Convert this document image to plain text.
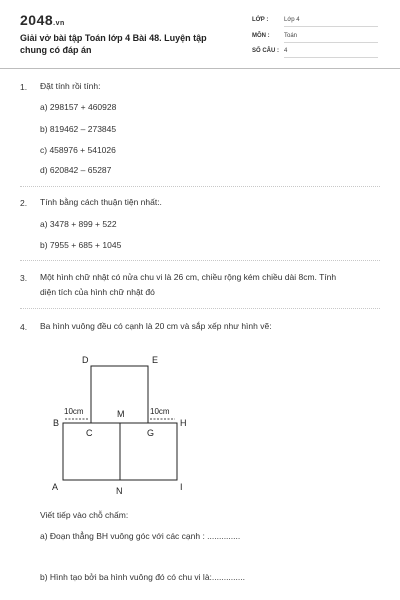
2048.vn
Giải vở bài tập Toán lớp 4 Bài 48. Luyện tập chung có đáp án
LỚP :	Lớp 4
MÔN : Toán
SỐ CÂU : 4
1. Đặt tính rồi tính:
a) 298157 + 460928
b) 819462 – 273845
c) 458976 + 541026
d) 620842 – 65287
2. Tính bằng cách thuận tiện nhất:.
a) 3478 + 899 + 522
b) 7955 + 685 + 1045
3. Một hình chữ nhật có nửa chu vi là 26 cm, chiều rộng kém chiều dài 8cm. Tính
diện tích của hình chữ nhật đó
4. Ba hình vuông đều có cạnh là 20 cm và sắp xếp như hình vẽ:
D	E
10cm	10cm
M
B	H
C	G
A	N	I
Viết tiếp vào chỗ chấm:
a) Đoạn thẳng BH vuông góc với các cạnh : ..............
b) Hình tạo bởi ba hình vuông đó có chu vi là:..............
